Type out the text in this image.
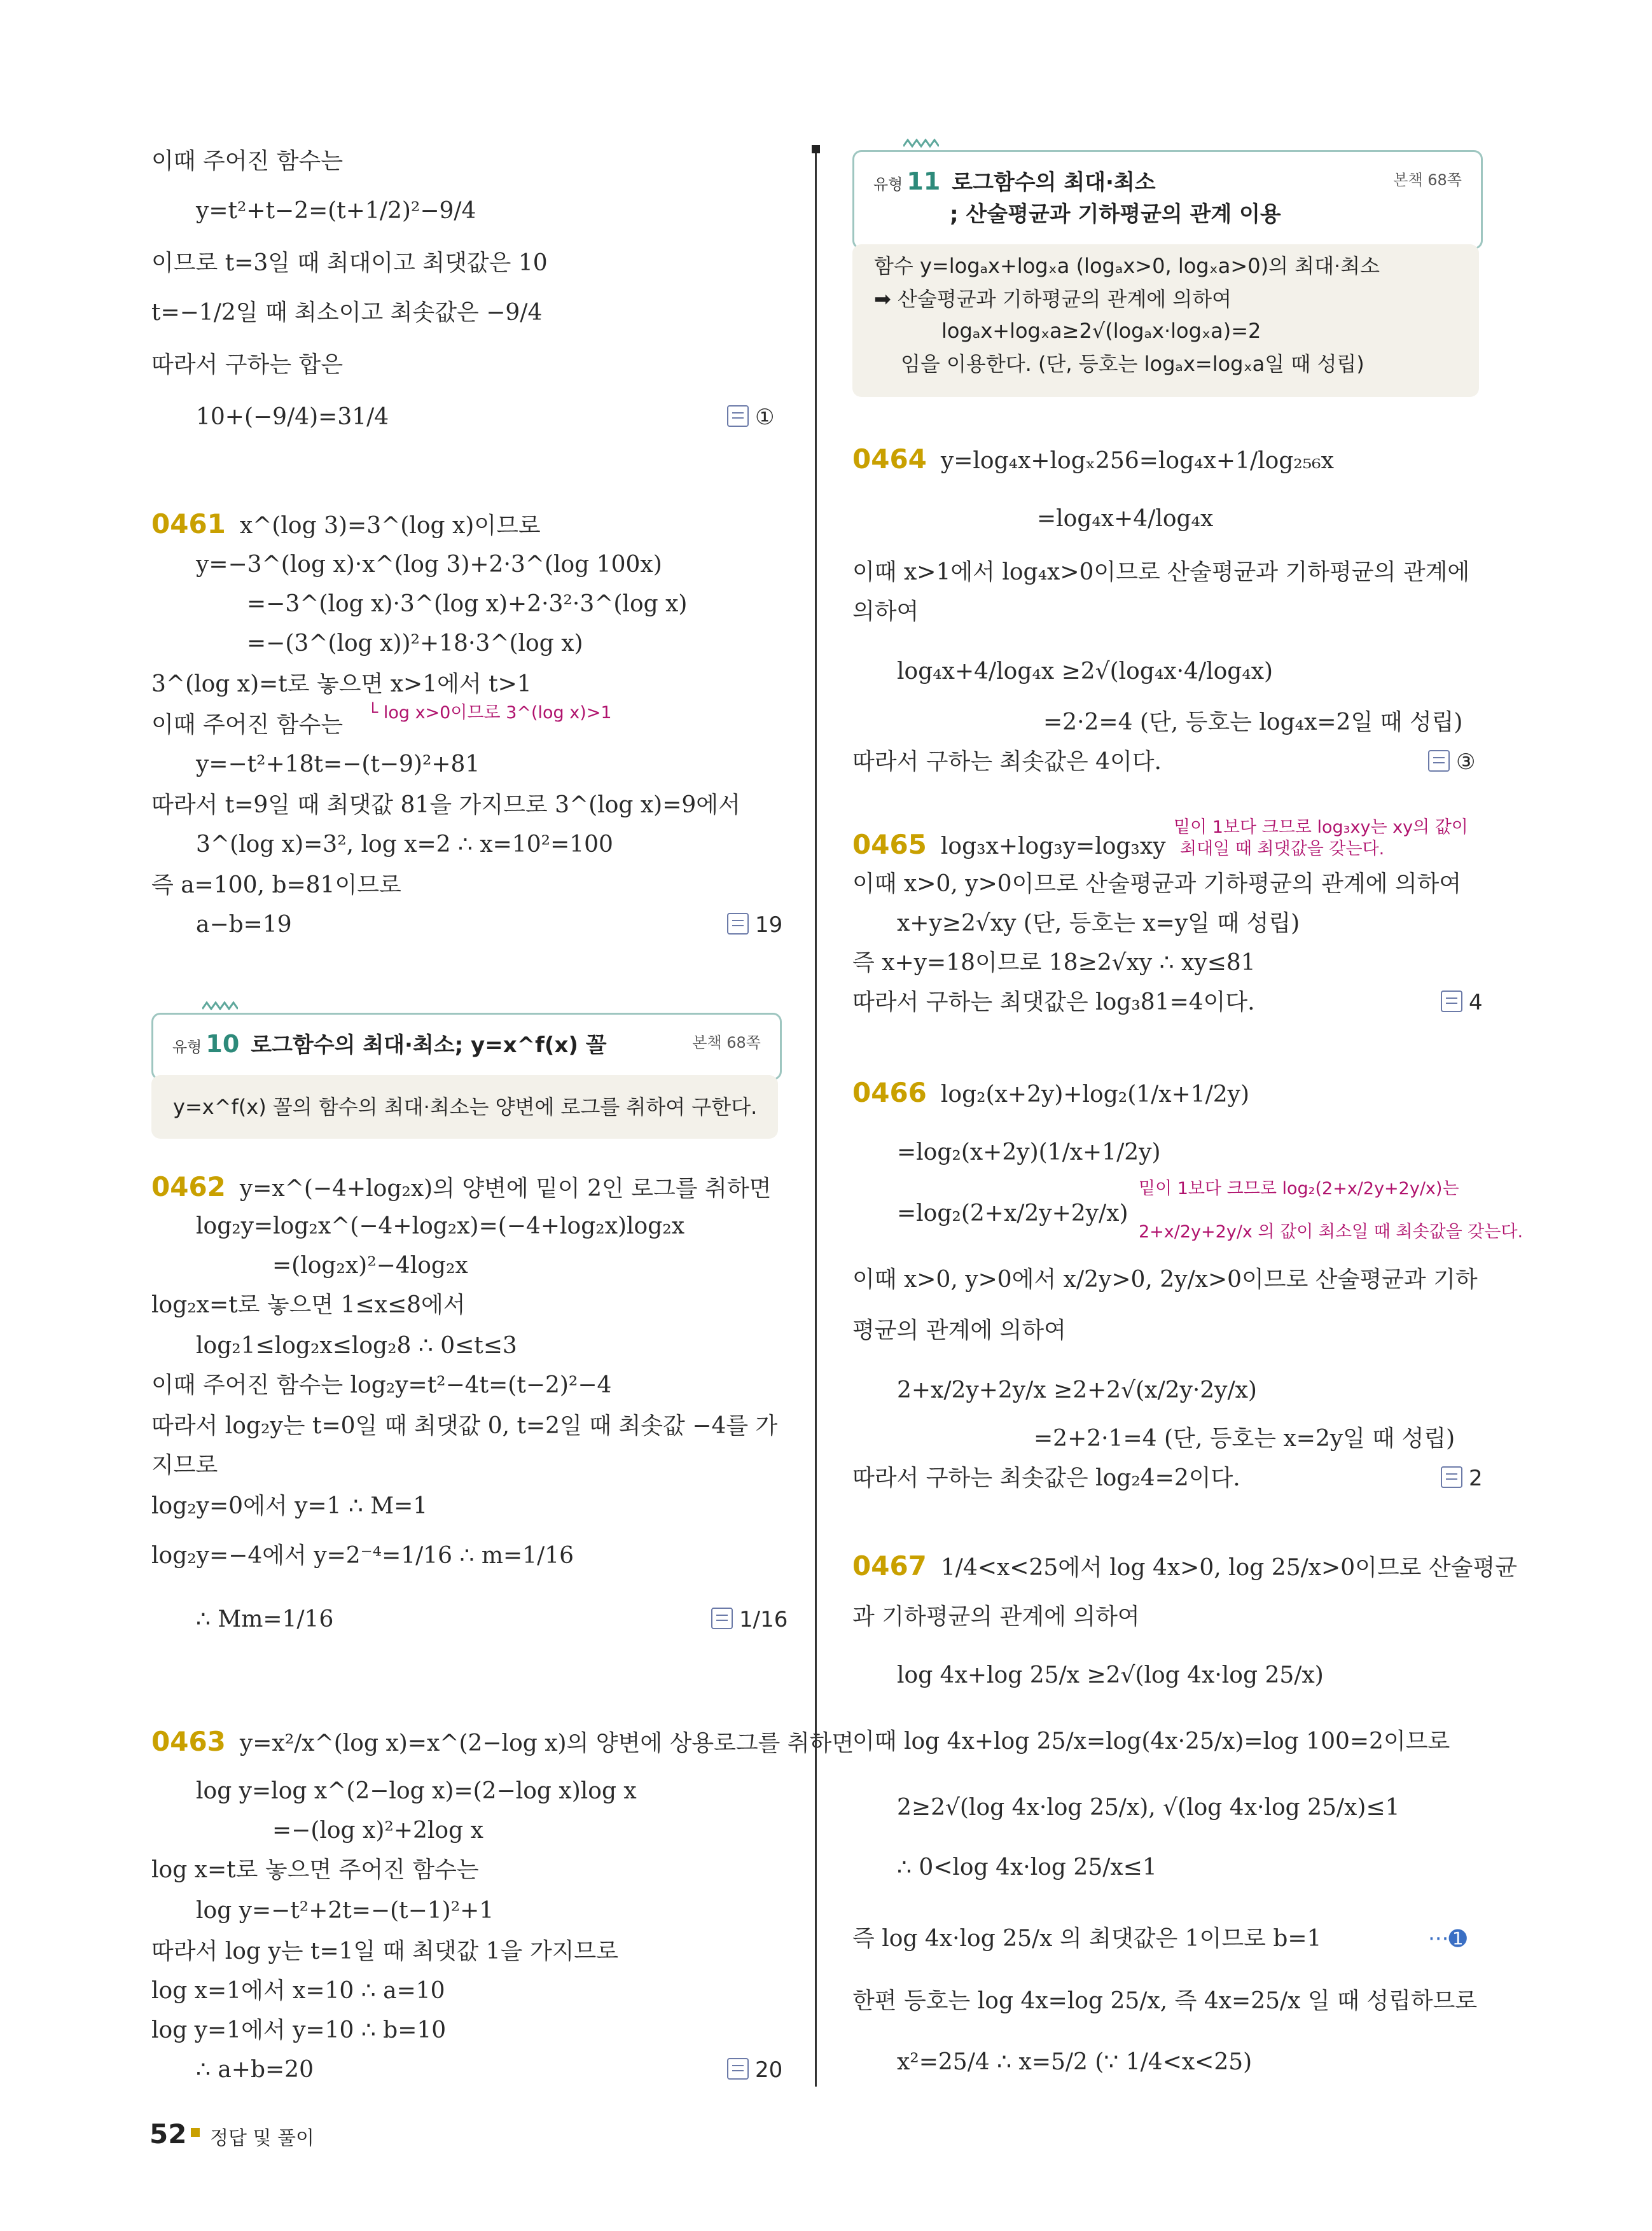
이때 주어진 함수는
y=t²+t−2=(t+1/2)²−9/4
이므로 t=3일 때 최대이고 최댓값은 10
t=−1/2일 때 최소이고 최솟값은 −9/4
따라서 구하는 합은
10+(−9/4)=31/4	①
0461 x^(log 3)=3^(log x)이므로
y=−3^(log x)·x^(log 3)+2·3^(log 100x)
=−3^(log x)·3^(log x)+2·3²·3^(log x)
=−(3^(log x))²+18·3^(log x)
3^(log x)=t로 놓으면 x>1에서 t>1
└ log x>0이므로 3^(log x)>1
이때 주어진 함수는
y=−t²+18t=−(t−9)²+81
따라서 t=9일 때 최댓값 81을 가지므로 3^(log x)=9에서
3^(log x)=3², log x=2 ∴ x=10²=100
즉 a=100, b=81이므로
a−b=19	19
유형 10 로그함수의 최대·최소; y=x^f(x) 꼴	본책 68쪽
y=x^f(x) 꼴의 함수의 최대·최소는 양변에 로그를 취하여 구한다.
0462 y=x^(−4+log₂x)의 양변에 밑이 2인 로그를 취하면
log₂y=log₂x^(−4+log₂x)=(−4+log₂x)log₂x
=(log₂x)²−4log₂x
log₂x=t로 놓으면 1≤x≤8에서
log₂1≤log₂x≤log₂8 ∴ 0≤t≤3
이때 주어진 함수는 log₂y=t²−4t=(t−2)²−4
따라서 log₂y는 t=0일 때 최댓값 0, t=2일 때 최솟값 −4를 가
지므로
log₂y=0에서 y=1 ∴ M=1
log₂y=−4에서 y=2⁻⁴=1/16 ∴ m=1/16
∴ Mm=1/16	1/16
0463 y=x²/x^(log x)=x^(2−log x)의 양변에 상용로그를 취하면
log y=log x^(2−log x)=(2−log x)log x
=−(log x)²+2log x
log x=t로 놓으면 주어진 함수는
log y=−t²+2t=−(t−1)²+1
따라서 log y는 t=1일 때 최댓값 1을 가지므로
log x=1에서 x=10 ∴ a=10
log y=1에서 y=10 ∴ b=10
∴ a+b=20	20
유형 11 로그함수의 최대·최소
; 산술평균과 기하평균의 관계 이용
본책 68쪽
함수 y=logₐx+logₓa (logₐx>0, logₓa>0)의 최대·최소
➡ 산술평균과 기하평균의 관계에 의하여
logₐx+logₓa≥2√(logₐx·logₓa)=2
임을 이용한다. (단, 등호는 logₐx=logₓa일 때 성립)
0464 y=log₄x+logₓ256=log₄x+1/log₂₅₆x
=log₄x+4/log₄x
이때 x>1에서 log₄x>0이므로 산술평균과 기하평균의 관계에
의하여
log₄x+4/log₄x ≥2√(log₄x·4/log₄x)
=2·2=4 (단, 등호는 log₄x=2일 때 성립)
따라서 구하는 최솟값은 4이다.	③
0465 log₃x+log₃y=log₃xy
밑이 1보다 크므로 log₃xy는 xy의 값이
최대일 때 최댓값을 갖는다.
이때 x>0, y>0이므로 산술평균과 기하평균의 관계에 의하여
x+y≥2√xy (단, 등호는 x=y일 때 성립)
즉 x+y=18이므로 18≥2√xy ∴ xy≤81
따라서 구하는 최댓값은 log₃81=4이다.	4
0466 log₂(x+2y)+log₂(1/x+1/2y)
=log₂(x+2y)(1/x+1/2y)
=log₂(2+x/2y+2y/x)
밑이 1보다 크므로 log₂(2+x/2y+2y/x)는
2+x/2y+2y/x 의 값이 최소일 때 최솟값을 갖는다.
이때 x>0, y>0에서 x/2y>0, 2y/x>0이므로 산술평균과 기하
평균의 관계에 의하여
2+x/2y+2y/x ≥2+2√(x/2y·2y/x)
=2+2·1=4 (단, 등호는 x=2y일 때 성립)
따라서 구하는 최솟값은 log₂4=2이다.	2
0467 1/4<x<25에서 log 4x>0, log 25/x>0이므로 산술평균
과 기하평균의 관계에 의하여
log 4x+log 25/x ≥2√(log 4x·log 25/x)
이때 log 4x+log 25/x=log(4x·25/x)=log 100=2이므로
2≥2√(log 4x·log 25/x), √(log 4x·log 25/x)≤1
∴ 0<log 4x·log 25/x≤1
즉 log 4x·log 25/x 의 최댓값은 1이므로 b=1	···➊
한편 등호는 log 4x=log 25/x, 즉 4x=25/x 일 때 성립하므로
x²=25/4 ∴ x=5/2 (∵ 1/4<x<25)
52 정답 및 풀이
